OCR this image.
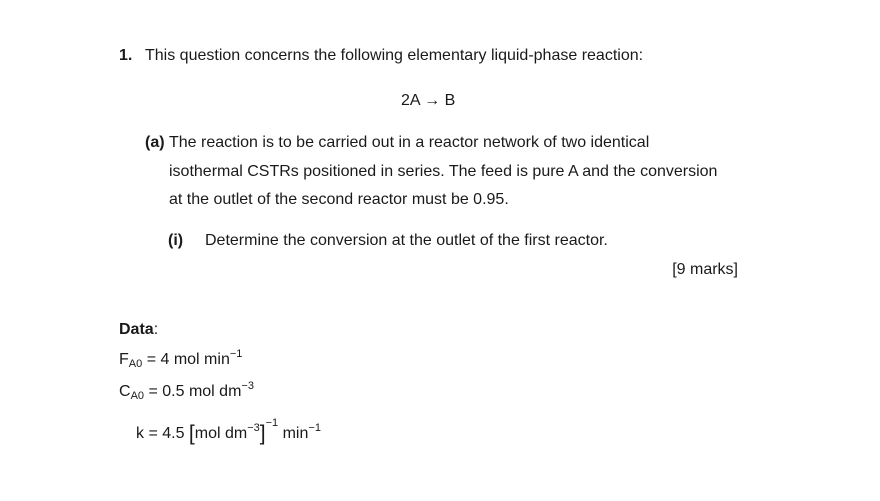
1. This question concerns the following elementary liquid-phase reaction:
2A → B
(a) The reaction is to be carried out in a reactor network of two identical
isothermal CSTRs positioned in series. The feed is pure A and the conversion
at the outlet of the second reactor must be 0.95.
(i) Determine the conversion at the outlet of the first reactor.
[9 marks]
Data:
$F_{A0} = 4$ mol $\min^{-1}$
$C_{A0} = 0.5$ mol $dm^{-3}$
k = 4.5 [mol $dm^{-3}]^{-1}$ $\min^{-1}$
